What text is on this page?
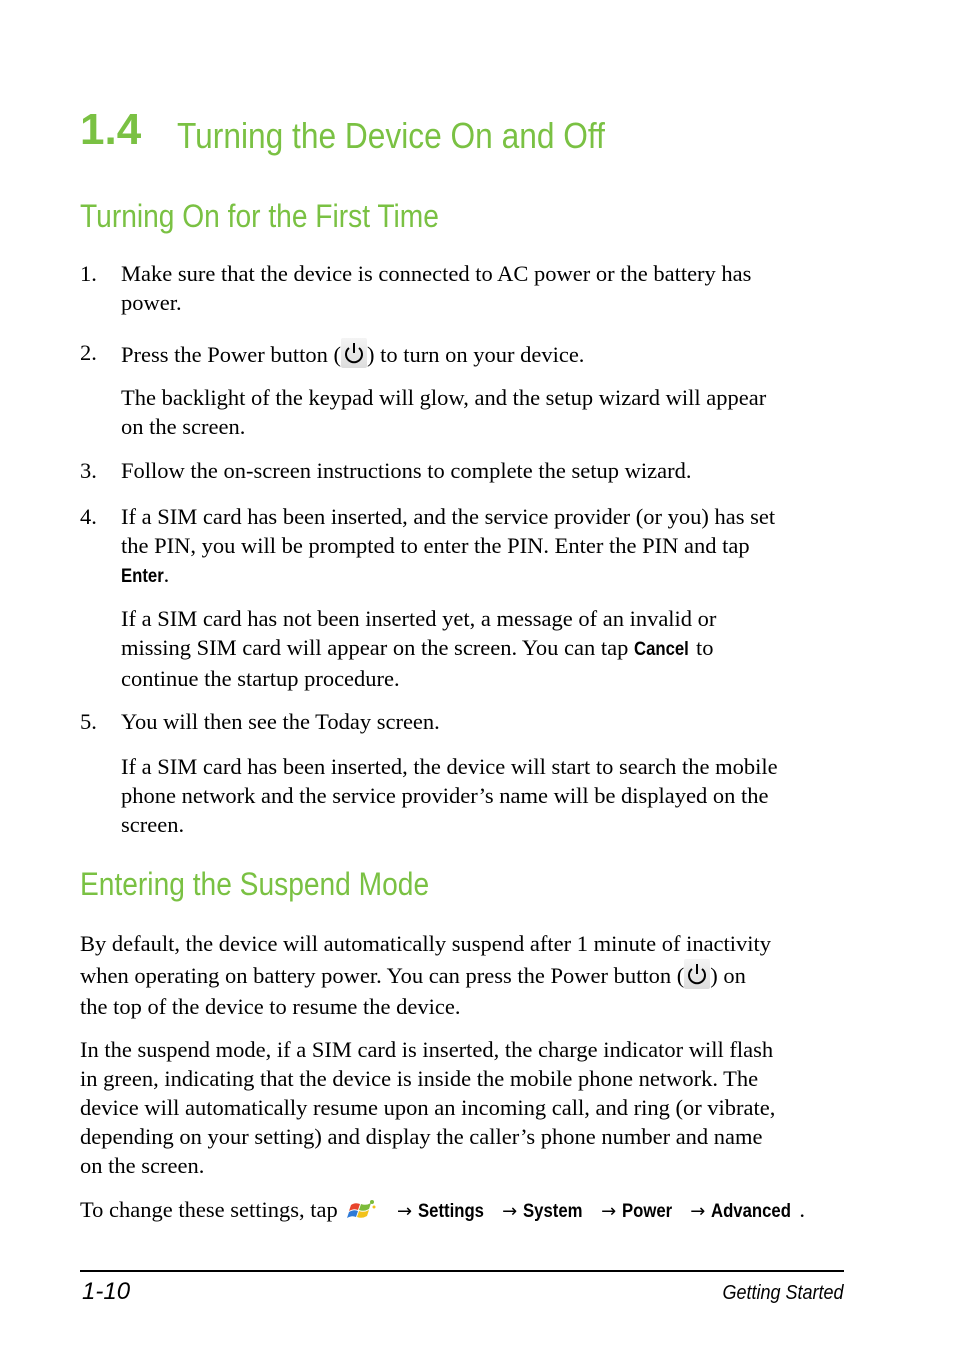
1.4 Turning the Device On and Off
Turning On for the First Time
1. Make sure that the device is connected to AC power or the battery has
power.
2. Press the Power button ( ) to turn on your device.
The backlight of the keypad will glow, and the setup wizard will appear
on the screen.
3. Follow the on-screen instructions to complete the setup wizard.
4. If a SIM card has been inserted, and the service provider (or you) has set
the PIN, you will be prompted to enter the PIN. Enter the PIN and tap
Enter.
If a SIM card has not been inserted yet, a message of an invalid or
missing SIM card will appear on the screen. You can tap Cancel to
continue the startup procedure.
5. You will then see the Today screen.
If a SIM card has been inserted, the device will start to search the mobile
phone network and the service provider’s name will be displayed on the
screen.
Entering the Suspend Mode
By default, the device will automatically suspend after 1 minute of inactivity
when operating on battery power. You can press the Power button ( ) on
the top of the device to resume the device.
In the suspend mode, if a SIM card is inserted, the charge indicator will flash
in green, indicating that the device is inside the mobile phone network. The
device will automatically resume upon an incoming call, and ring (or vibrate,
depending on your setting) and display the caller’s phone number and name
on the screen.
To change these settings, tap	→ Settings → System → Power → Advanced .
1-10	Getting Started
